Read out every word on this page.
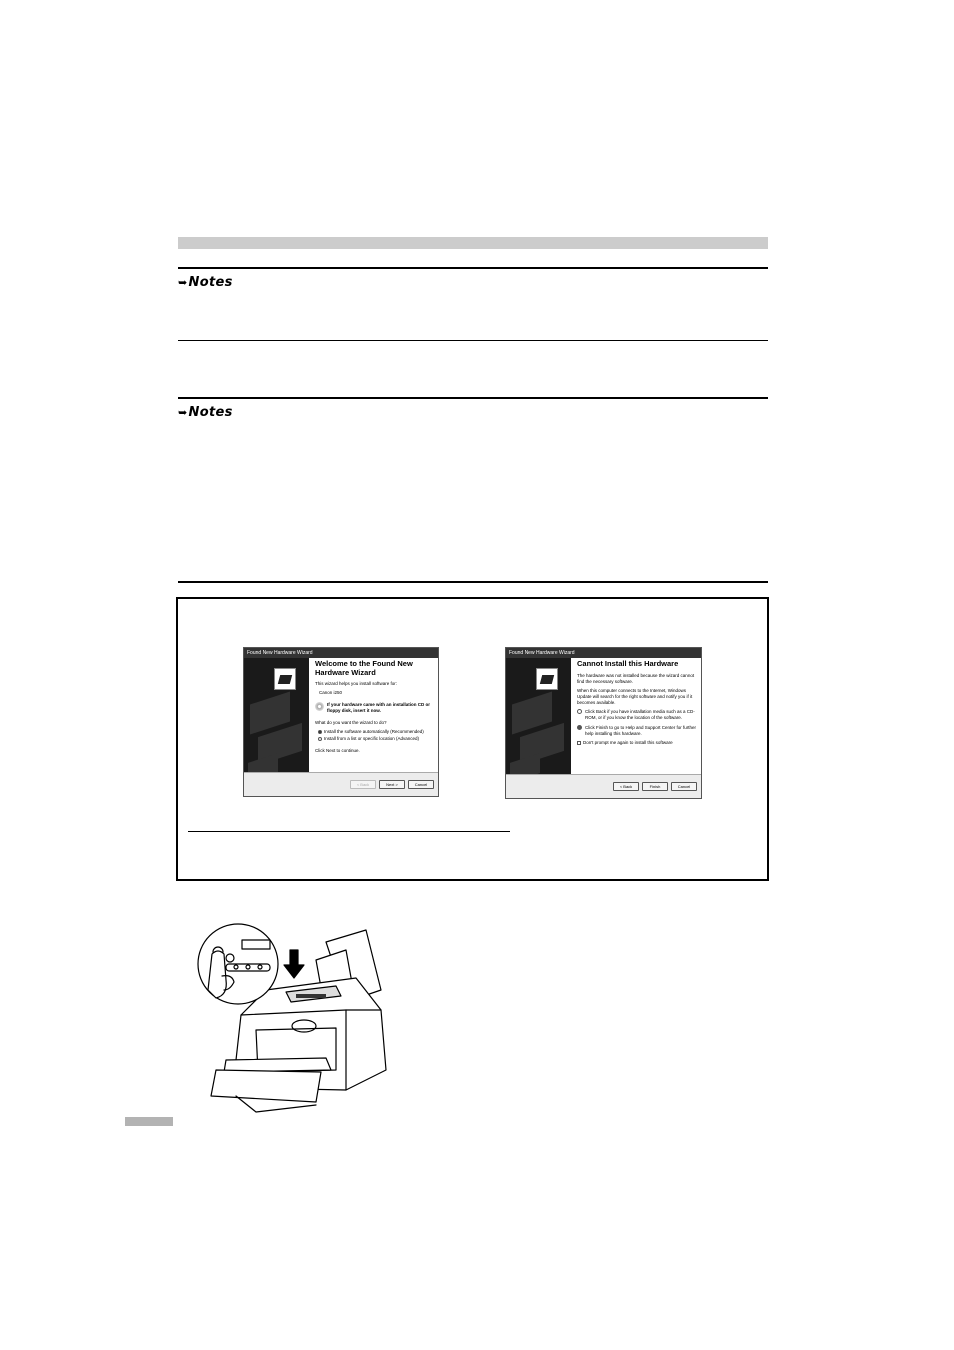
➥Notes
➥Notes
Found New Hardware Wizard
Welcome to the Found New Hardware Wizard
This wizard helps you install software for:
Canon i250
If your hardware came with an installation CD or floppy disk, insert it now.
What do you want the wizard to do?
Install the software automatically (Recommended)
Install from a list or specific location (Advanced)
Click Next to continue.
< Back	Next >	Cancel
Found New Hardware Wizard
Cannot Install this Hardware
The hardware was not installed because the wizard cannot find the necessary software.
When this computer connects to the Internet, Windows Update will search for the right software and notify you if it becomes available.
Click Back if you have installation media such as a CD-ROM, or if you know the location of the software.
Click Finish to go to Help and Support Center for further help installing this hardware.
Don't prompt me again to install this software
< Back	Finish	Cancel
